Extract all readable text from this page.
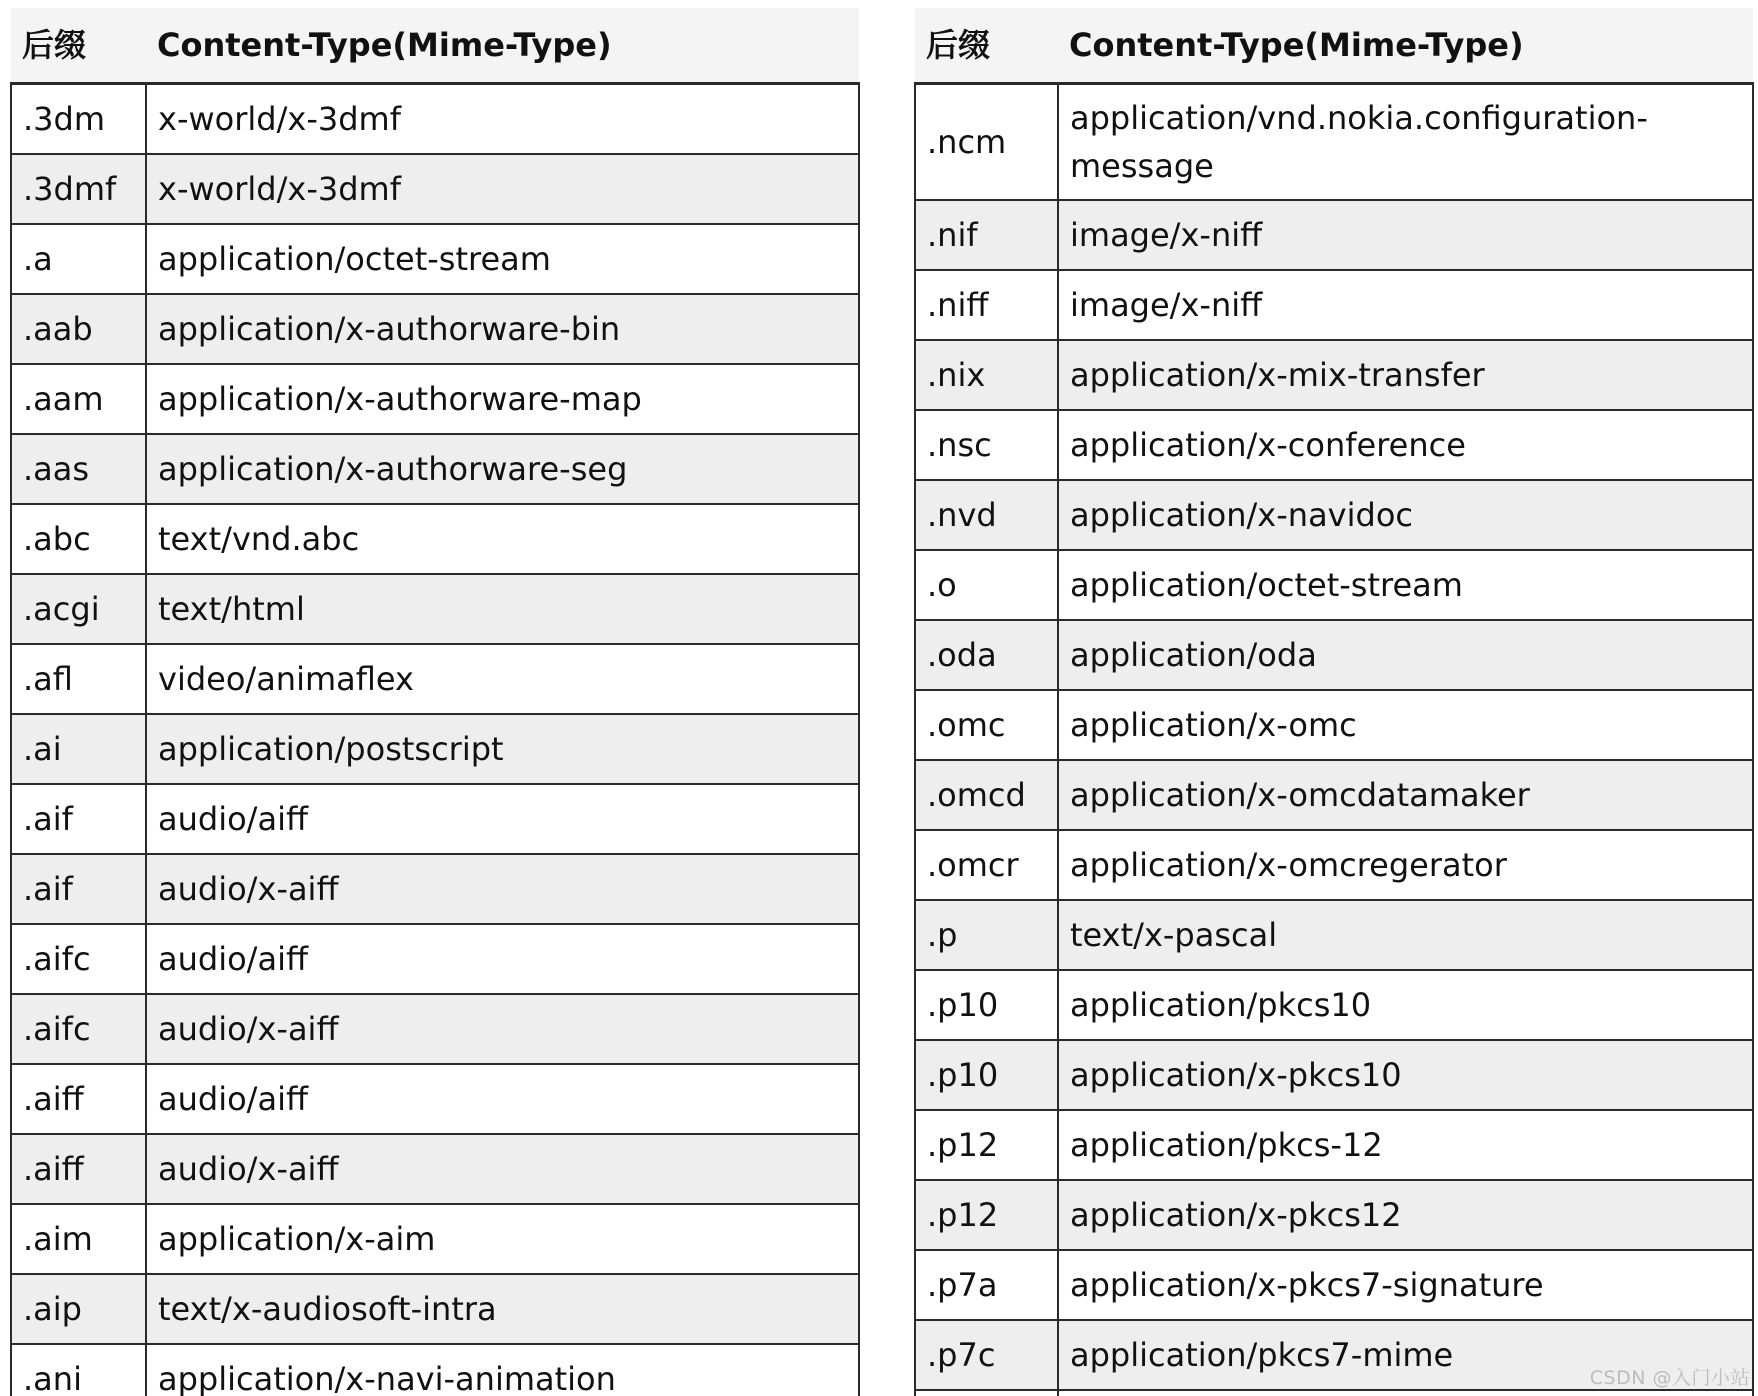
后缀	Content-Type(Mime-Type)
.3dm	x-world/x-3dmf
.3dmf	x-world/x-3dmf
.a	application/octet-stream
.aab	application/x-authorware-bin
.aam	application/x-authorware-map
.aas	application/x-authorware-seg
.abc	text/vnd.abc
.acgi	text/html
.afl	video/animaflex
.ai	application/postscript
.aif	audio/aiff
.aif	audio/x-aiff
.aifc	audio/aiff
.aifc	audio/x-aiff
.aiff	audio/aiff
.aiff	audio/x-aiff
.aim	application/x-aim
.aip	text/x-audiosoft-intra
.ani	application/x-navi-animation

后缀	Content-Type(Mime-Type)
.ncm	application/vnd.nokia.configuration-message
.nif	image/x-niff
.niff	image/x-niff
.nix	application/x-mix-transfer
.nsc	application/x-conference
.nvd	application/x-navidoc
.o	application/octet-stream
.oda	application/oda
.omc	application/x-omc
.omcd	application/x-omcdatamaker
.omcr	application/x-omcregerator
.p	text/x-pascal
.p10	application/pkcs10
.p10	application/x-pkcs10
.p12	application/pkcs-12
.p12	application/x-pkcs12
.p7a	application/x-pkcs7-signature
.p7c	application/pkcs7-mime

CSDN @入门小站
